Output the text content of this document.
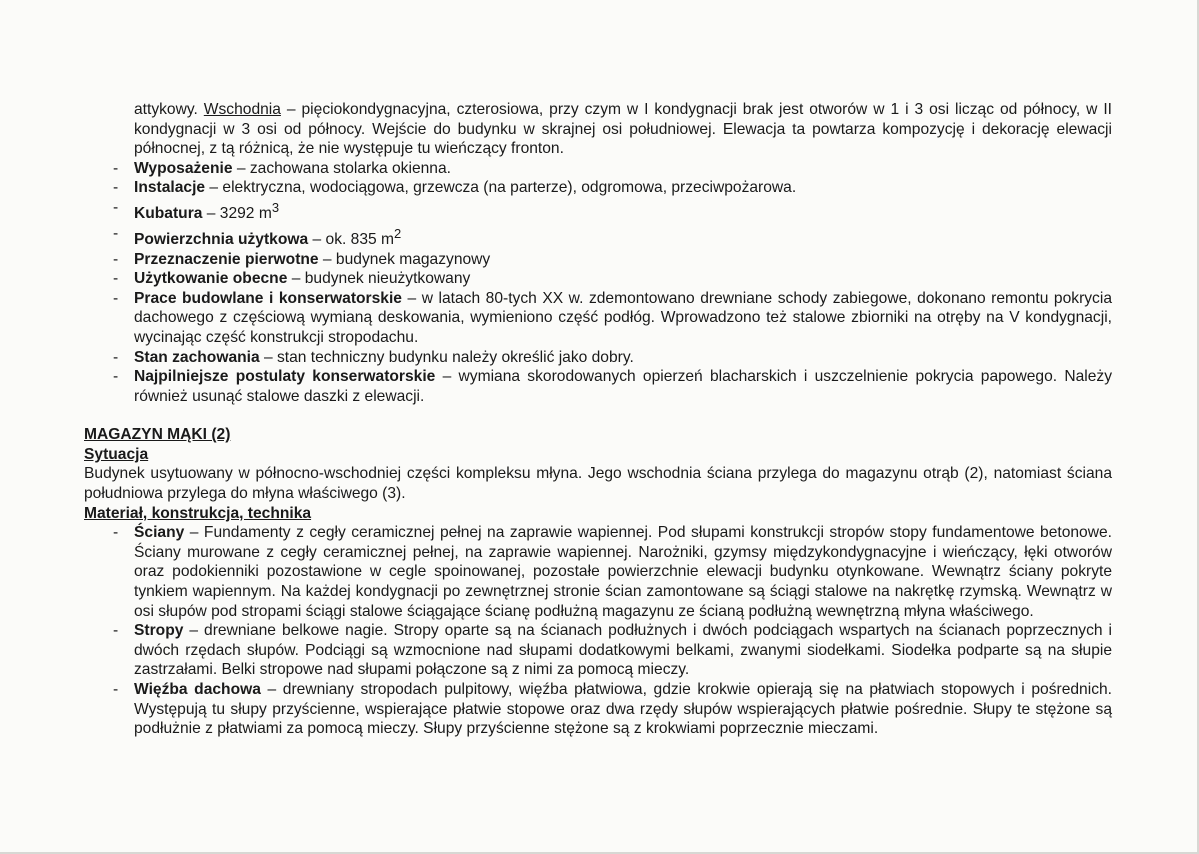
attykowy. Wschodnia – pięciokondygnacyjna, czterosiowa, przy czym w I kondygnacji brak jest otworów w 1 i 3 osi licząc od północy, w II kondygnacji w 3 osi od północy. Wejście do budynku w skrajnej osi południowej. Elewacja ta powtarza kompozycję i dekorację elewacji północnej, z tą różnicą, że nie występuje tu wieńczący fronton.
- Wyposażenie – zachowana stolarka okienna.
- Instalacje – elektryczna, wodociągowa, grzewcza (na parterze), odgromowa, przeciwpożarowa.
- Kubatura – 3292 $m^3$
- Powierzchnia użytkowa – ok. 835 $m^2$
- Przeznaczenie pierwotne – budynek magazynowy
- Użytkowanie obecne – budynek nieużytkowany
- Prace budowlane i konserwatorskie – w latach 80-tych XX w. zdemontowano drewniane schody zabiegowe, dokonano remontu pokrycia dachowego z częściową wymianą deskowania, wymieniono część podłóg. Wprowadzono też stalowe zbiorniki na otręby na V kondygnacji, wycinając część konstrukcji stropodachu.
- Stan zachowania – stan techniczny budynku należy określić jako dobry.
- Najpilniejsze postulaty konserwatorskie – wymiana skorodowanych opierzeń blacharskich i uszczelnienie pokrycia papowego. Należy również usunąć stalowe daszki z elewacji.
MAGAZYN MĄKI (2)
Sytuacja
Budynek usytuowany w północno-wschodniej części kompleksu młyna. Jego wschodnia ściana przylega do magazynu otrąb (2), natomiast ściana południowa przylega do młyna właściwego (3).
Materiał, konstrukcja, technika
- Ściany – Fundamenty z cegły ceramicznej pełnej na zaprawie wapiennej. Pod słupami konstrukcji stropów stopy fundamentowe betonowe. Ściany murowane z cegły ceramicznej pełnej, na zaprawie wapiennej. Narożniki, gzymsy międzykondygnacyjne i wieńczący, łęki otworów oraz podokienniki pozostawione w cegle spoinowanej, pozostałe powierzchnie elewacji budynku otynkowane. Wewnątrz ściany pokryte tynkiem wapiennym. Na każdej kondygnacji po zewnętrznej stronie ścian zamontowane są ściągi stalowe na nakrętkę rzymską. Wewnątrz w osi słupów pod stropami ściągi stalowe ściągające ścianę podłużną magazynu ze ścianą podłużną wewnętrzną młyna właściwego.
- Stropy – drewniane belkowe nagie. Stropy oparte są na ścianach podłużnych i dwóch podciągach wspartych na ścianach poprzecznych i dwóch rzędach słupów. Podciągi są wzmocnione nad słupami dodatkowymi belkami, zwanymi siodełkami. Siodełka podparte są na słupie zastrzałami. Belki stropowe nad słupami połączone są z nimi za pomocą mieczy.
- Więźba dachowa – drewniany stropodach pulpitowy, więźba płatwiowa, gdzie krokwie opierają się na płatwiach stopowych i pośrednich. Występują tu słupy przyścienne, wspierające płatwie stopowe oraz dwa rzędy słupów wspierających płatwie pośrednie. Słupy te stężone są podłużnie z płatwiami za pomocą mieczy. Słupy przyścienne stężone są z krokwiami poprzecznie mieczami.
